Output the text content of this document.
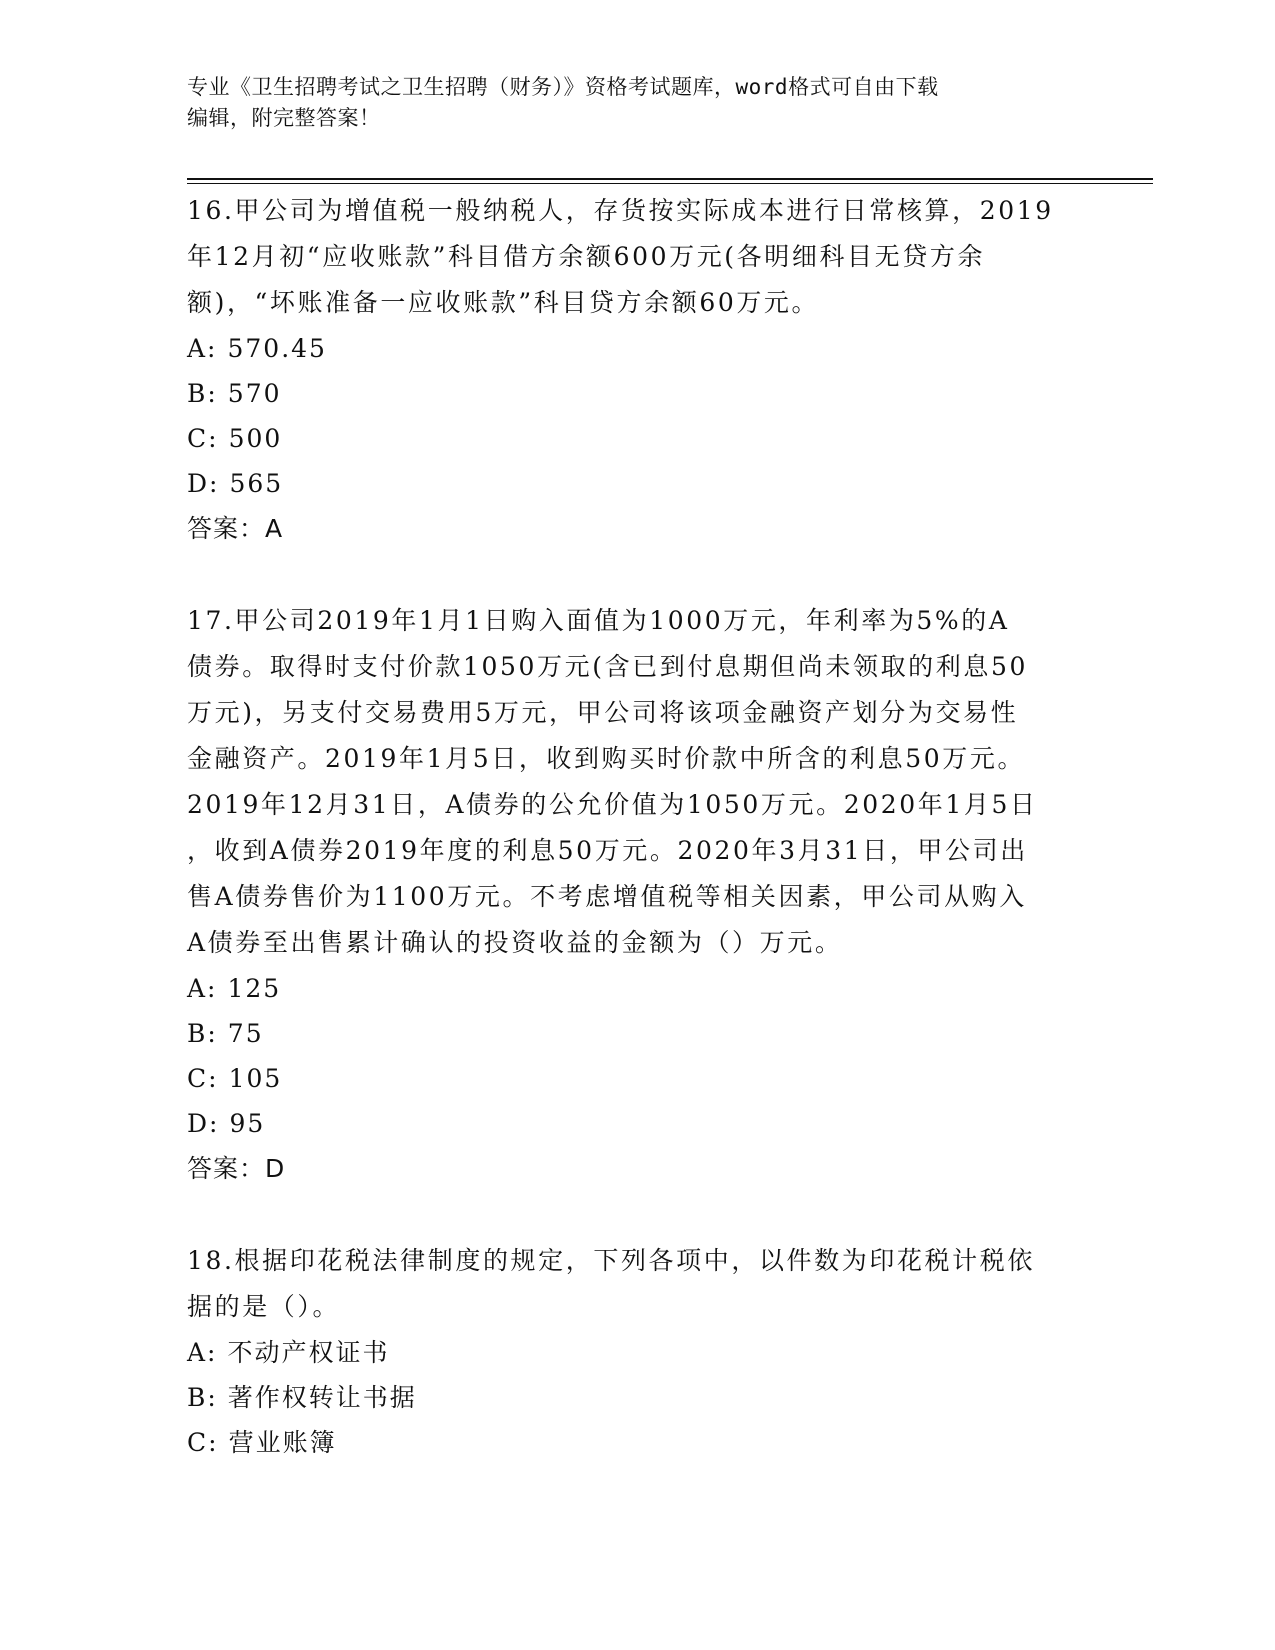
专业《卫生招聘考试之卫生招聘（财务）》资格考试题库，word格式可自由下载
编辑，附完整答案！
16.甲公司为增值税一般纳税人，存货按实际成本进行日常核算，2019
年12月初“应收账款”科目借方余额600万元(各明细科目无贷方余
额)，“坏账准备一应收账款”科目贷方余额60万元。
A: 570.45
B: 570
C: 500
D: 565
答案：A
17.甲公司2019年1月1日购入面值为1000万元，年利率为5%的A
债券。取得时支付价款1050万元(含已到付息期但尚未领取的利息50
万元)，另支付交易费用5万元，甲公司将该项金融资产划分为交易性
金融资产。2019年1月5日，收到购买时价款中所含的利息50万元。
2019年12月31日，A债券的公允价值为1050万元。2020年1月5日
，收到A债券2019年度的利息50万元。2020年3月31日，甲公司出
售A债券售价为1100万元。不考虑增值税等相关因素，甲公司从购入
A债券至出售累计确认的投资收益的金额为（）万元。
A: 125
B: 75
C: 105
D: 95
答案：D
18.根据印花税法律制度的规定，下列各项中，以件数为印花税计税依
据的是（）。
A: 不动产权证书
B: 著作权转让书据
C: 营业账簿
